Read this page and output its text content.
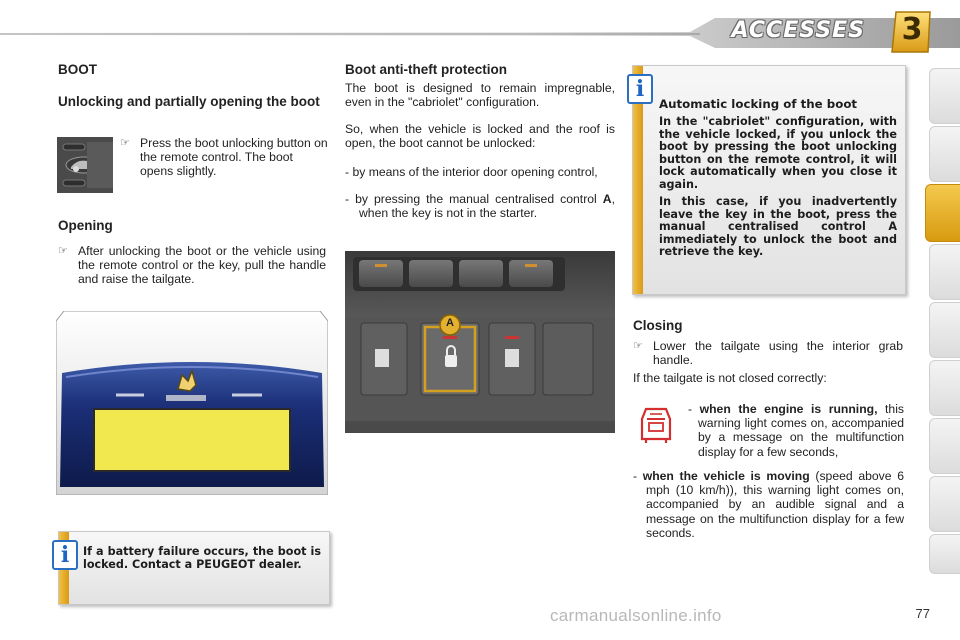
ACCESSES	3
BOOT
Unlocking and partially opening the boot
☞ Press the boot unlocking button on the remote control. The boot opens slightly.
Opening
☞ After unlocking the boot or the vehicle using the remote control or the key, pull the handle and raise the tailgate.
If a battery failure occurs, the boot is locked. Contact a PEUGEOT dealer.
i
Boot anti-theft protection
The boot is designed to remain impregnable, even in the "cabriolet" configuration.
So, when the vehicle is locked and the roof is open, the boot cannot be unlocked:
- by means of the interior door opening control,
- by pressing the manual centralised control A, when the key is not in the starter.
A
Automatic locking of the boot
In the "cabriolet" configuration, with the vehicle locked, if you unlock the boot by pressing the boot unlocking button on the remote control, it will lock automatically when you close it again.
In this case, if you inadvertently leave the key in the boot, press the manual centralised control A immediately to unlock the boot and retrieve the key.
i
Closing
☞ Lower the tailgate using the interior grab handle.
If the tailgate is not closed correctly:
- when the engine is running, this warning light comes on, accompanied by a message on the multifunction display for a few seconds,
- when the vehicle is moving (speed above 6 mph (10 km/h)), this warning light comes on, accompanied by an audible signal and a message on the multifunction display for a few seconds.
carmanualsonline.info	77
